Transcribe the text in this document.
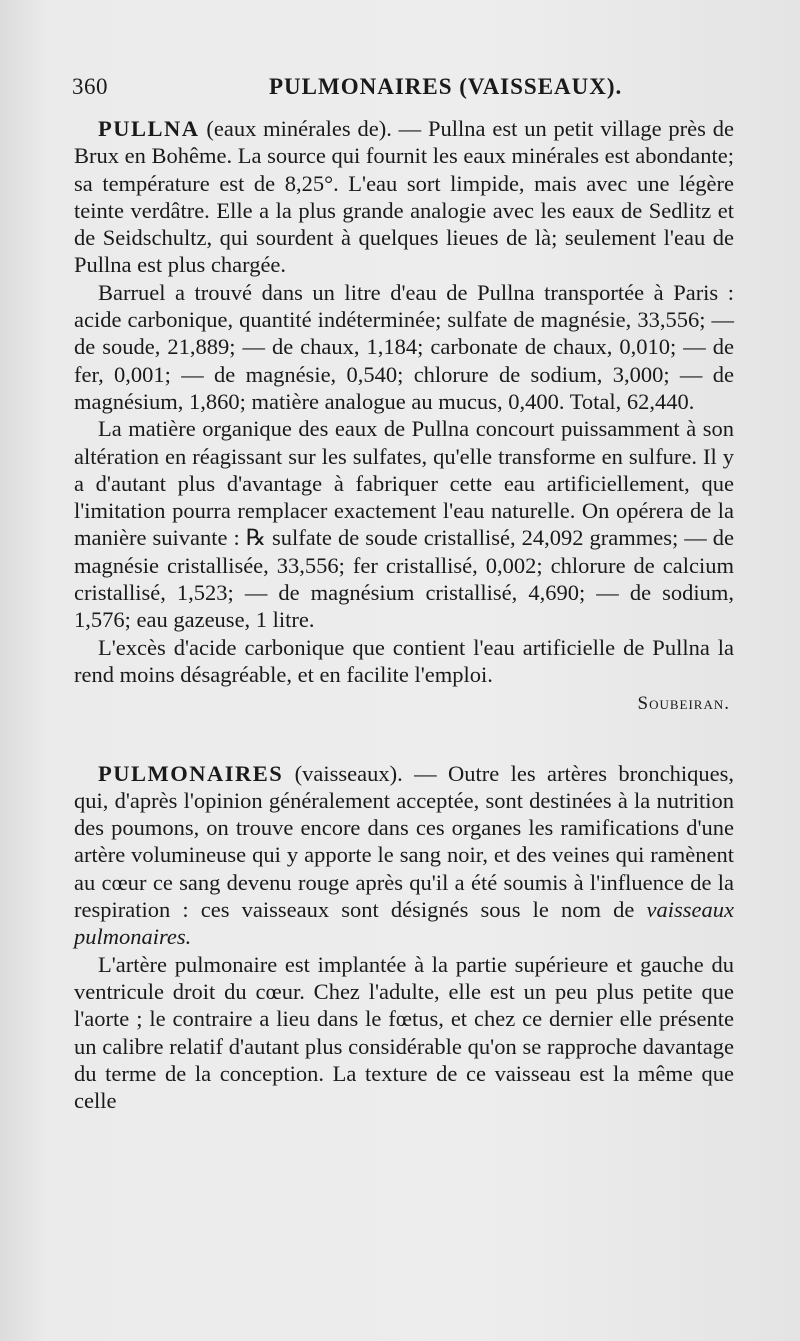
360	PULMONAIRES (VAISSEAUX).

PULLNA (eaux minérales de). — Pullna est un petit village près de Brux en Bohême. La source qui fournit les eaux minérales est abondante; sa température est de 8,25°. L'eau sort limpide, mais avec une légère teinte verdâtre. Elle a la plus grande analogie avec les eaux de Sedlitz et de Seidschultz, qui sourdent à quelques lieues de là; seulement l'eau de Pullna est plus chargée.

Barruel a trouvé dans un litre d'eau de Pullna transportée à Paris : acide carbonique, quantité indéterminée; sulfate de magnésie, 33,556; — de soude, 21,889; — de chaux, 1,184; carbonate de chaux, 0,010; — de fer, 0,001; — de magnésie, 0,540; chlorure de sodium, 3,000; — de magnésium, 1,860; matière analogue au mucus, 0,400. Total, 62,440.

La matière organique des eaux de Pullna concourt puissamment à son altération en réagissant sur les sulfates, qu'elle transforme en sulfure. Il y a d'autant plus d'avantage à fabriquer cette eau artificiellement, que l'imitation pourra remplacer exactement l'eau naturelle. On opérera de la manière suivante : ℞ sulfate de soude cristallisé, 24,092 grammes; — de magnésie cristallisée, 33,556; fer cristallisé, 0,002; chlorure de calcium cristallisé, 1,523; — de magnésium cristallisé, 4,690; — de sodium, 1,576; eau gazeuse, 1 litre.

L'excès d'acide carbonique que contient l'eau artificielle de Pullna la rend moins désagréable, et en facilite l'emploi.

Soubeiran.

PULMONAIRES (vaisseaux). — Outre les artères bronchiques, qui, d'après l'opinion généralement acceptée, sont destinées à la nutrition des poumons, on trouve encore dans ces organes les ramifications d'une artère volumineuse qui y apporte le sang noir, et des veines qui ramènent au cœur ce sang devenu rouge après qu'il a été soumis à l'influence de la respiration : ces vaisseaux sont désignés sous le nom de vaisseaux pulmonaires.

L'artère pulmonaire est implantée à la partie supérieure et gauche du ventricule droit du cœur. Chez l'adulte, elle est un peu plus petite que l'aorte ; le contraire a lieu dans le fœtus, et chez ce dernier elle présente un calibre relatif d'autant plus considérable qu'on se rapproche davantage du terme de la conception. La texture de ce vaisseau est la même que celle
